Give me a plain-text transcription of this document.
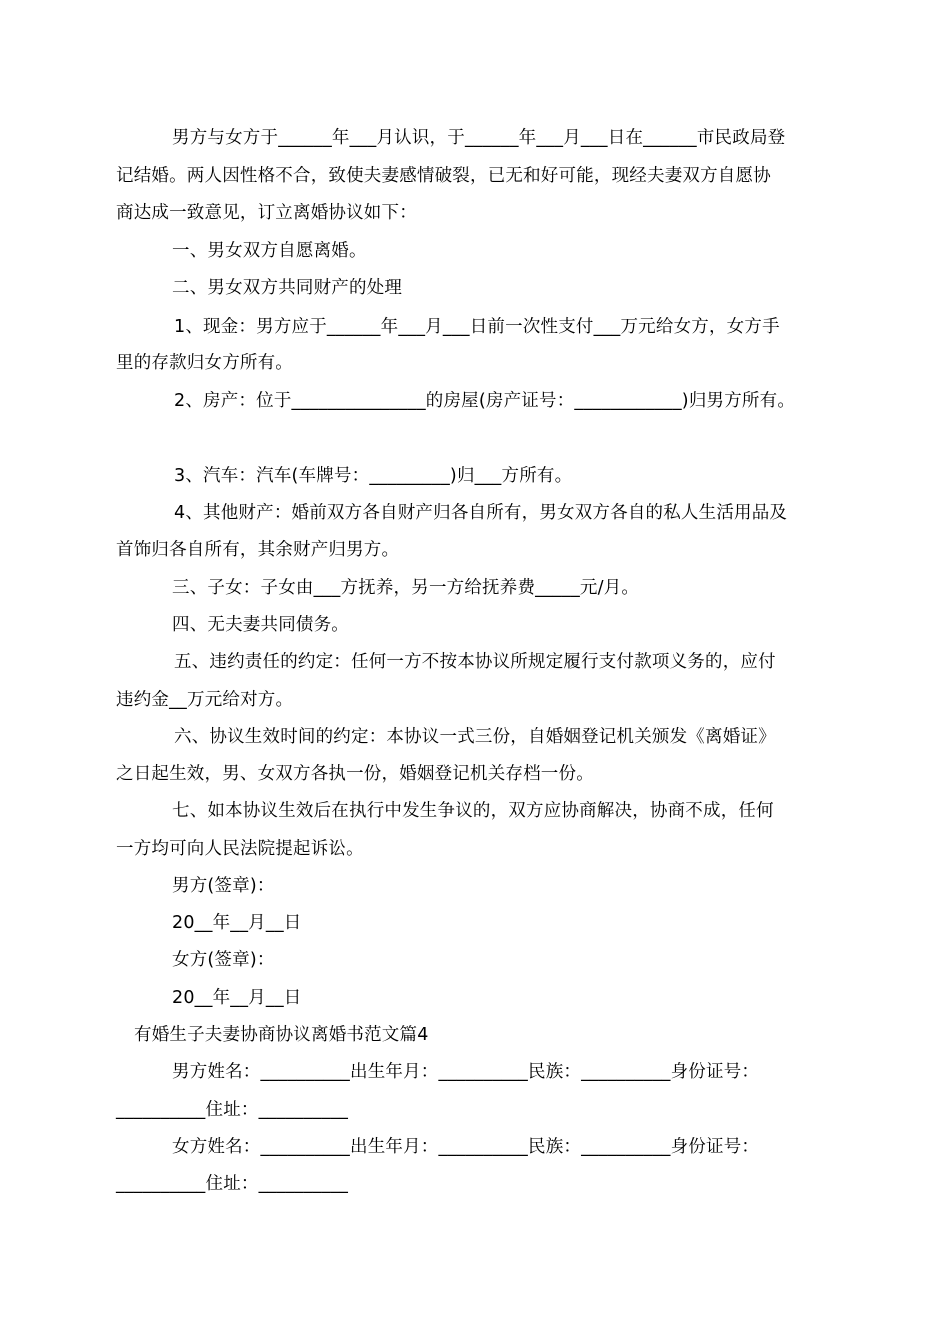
男方与女方于______年___月认识，于______年___月___日在______市民政局登
记结婚。两人因性格不合，致使夫妻感情破裂，已无和好可能，现经夫妻双方自愿协
商达成一致意见，订立离婚协议如下：
一、男女双方自愿离婚。
二、男女双方共同财产的处理
1、现金：男方应于______年___月___日前一次性支付___万元给女方，女方手
里的存款归女方所有。
2、房产：位于_______________的房屋(房产证号：____________)归男方所有。
3、汽车：汽车(车牌号：_________)归___方所有。
4、其他财产：婚前双方各自财产归各自所有，男女双方各自的私人生活用品及
首饰归各自所有，其余财产归男方。
三、子女：子女由___方抚养，另一方给抚养费_____元/月。
四、无夫妻共同债务。
五、违约责任的约定：任何一方不按本协议所规定履行支付款项义务的，应付
违约金__万元给对方。
六、协议生效时间的约定：本协议一式三份，自婚姻登记机关颁发《离婚证》
之日起生效，男、女双方各执一份，婚姻登记机关存档一份。
七、如本协议生效后在执行中发生争议的，双方应协商解决，协商不成，任何
一方均可向人民法院提起诉讼。
男方(签章)：
20__年__月__日
女方(签章)：
20__年__月__日
有婚生子夫妻协商协议离婚书范文篇4
男方姓名：__________出生年月：__________民族：__________身份证号：
__________住址：__________
女方姓名：__________出生年月：__________民族：__________身份证号：
__________住址：__________
